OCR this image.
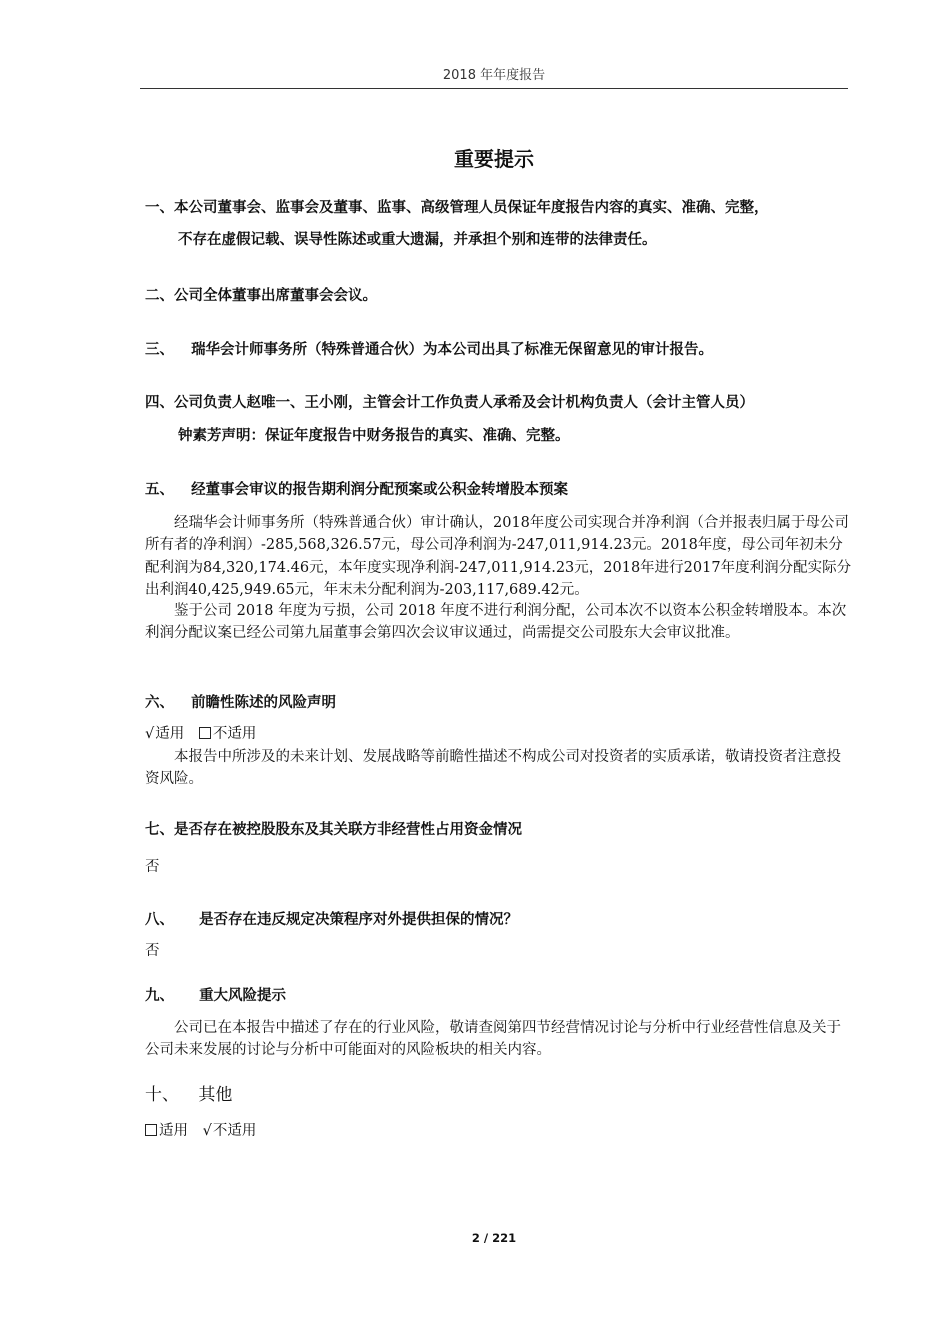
2018 年年度报告
重要提示
一、本公司董事会、监事会及董事、监事、高级管理人员保证年度报告内容的真实、准确、完整，
不存在虚假记载、误导性陈述或重大遗漏，并承担个别和连带的法律责任。
二、公司全体董事出席董事会会议。
三、 瑞华会计师事务所（特殊普通合伙）为本公司出具了标准无保留意见的审计报告。
四、公司负责人赵唯一、王小刚，主管会计工作负责人承希及会计机构负责人（会计主管人员）
钟素芳声明：保证年度报告中财务报告的真实、准确、完整。
五、 经董事会审议的报告期利润分配预案或公积金转增股本预案
经瑞华会计师事务所（特殊普通合伙）审计确认，2018年度公司实现合并净利润（合并报表归属于母公司所有者的净利润）-285,568,326.57元，母公司净利润为-247,011,914.23元。2018年度，母公司年初未分配利润为84,320,174.46元，本年度实现净利润-247,011,914.23元，2018年进行2017年度利润分配实际分出利润40,425,949.65元，年末未分配利润为-203,117,689.42元。
鉴于公司 2018 年度为亏损，公司 2018 年度不进行利润分配，公司本次不以资本公积金转增股本。本次利润分配议案已经公司第九届董事会第四次会议审议通过，尚需提交公司股东大会审议批准。
六、 前瞻性陈述的风险声明
√适用 不适用
本报告中所涉及的未来计划、发展战略等前瞻性描述不构成公司对投资者的实质承诺，敬请投资者注意投资风险。
七、是否存在被控股股东及其关联方非经营性占用资金情况
否
八、 是否存在违反规定决策程序对外提供担保的情况？
否
九、 重大风险提示
公司已在本报告中描述了存在的行业风险，敬请查阅第四节经营情况讨论与分析中行业经营性信息及关于公司未来发展的讨论与分析中可能面对的风险板块的相关内容。
十、 其他
适用 √不适用
2 / 221
